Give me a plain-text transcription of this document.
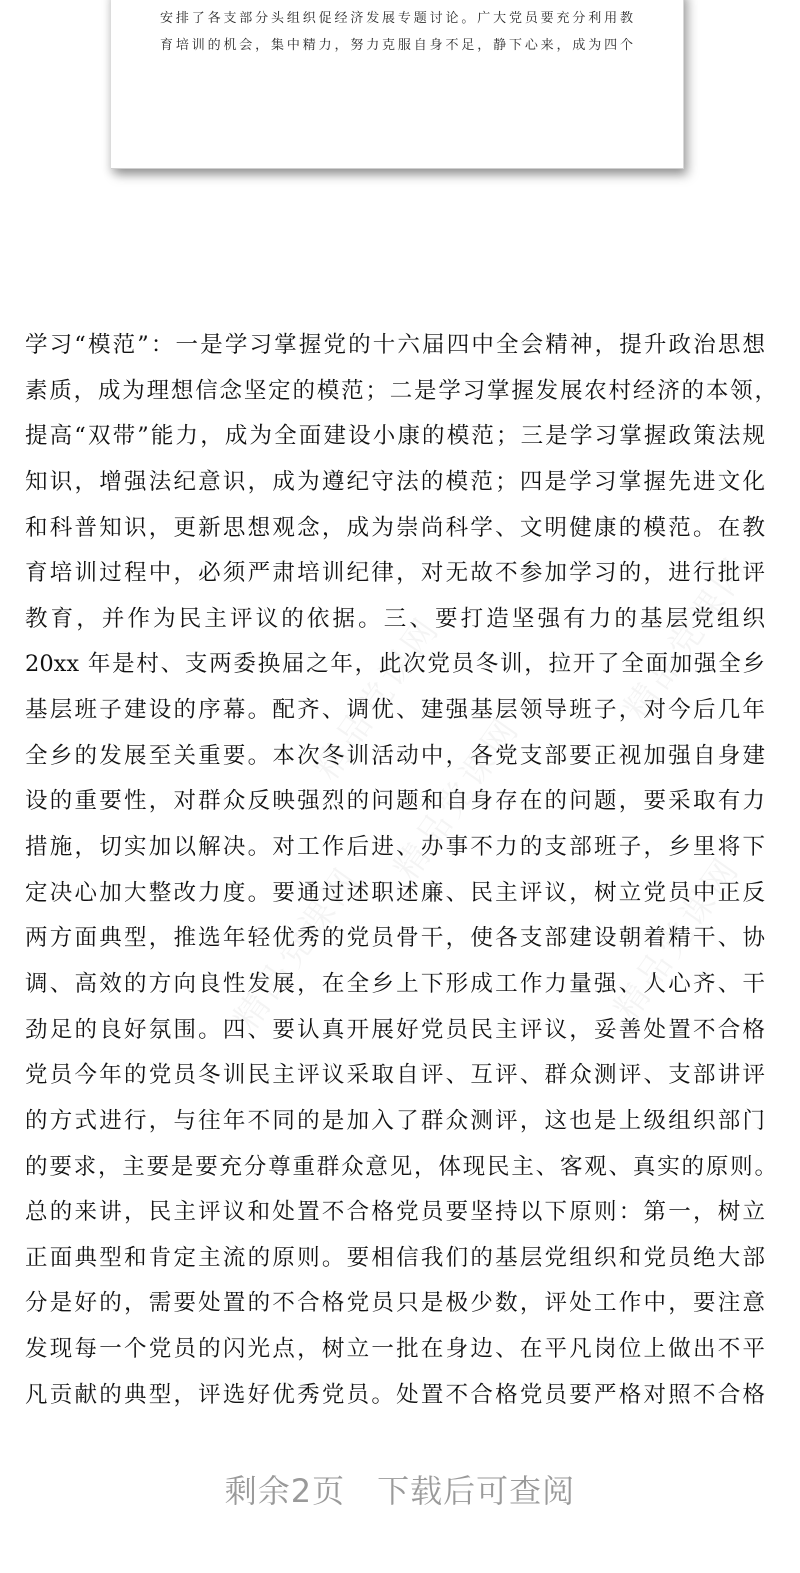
安排了各支部分头组织促经济发展专题讨论。广大党员要充分利用教
育培训的机会，集中精力，努力克服自身不足，静下心来，成为四个
学习“模范”：一是学习掌握党的十六届四中全会精神，提升政治思想
素质，成为理想信念坚定的模范；二是学习掌握发展农村经济的本领，
提高“双带”能力，成为全面建设小康的模范；三是学习掌握政策法规
知识，增强法纪意识，成为遵纪守法的模范；四是学习掌握先进文化
和科普知识，更新思想观念，成为崇尚科学、文明健康的模范。在教
育培训过程中，必须严肃培训纪律，对无故不参加学习的，进行批评
教育，并作为民主评议的依据。三、要打造坚强有力的基层党组织
20xx 年是村、支两委换届之年，此次党员冬训，拉开了全面加强全乡
基层班子建设的序幕。配齐、调优、建强基层领导班子，对今后几年
全乡的发展至关重要。本次冬训活动中，各党支部要正视加强自身建
设的重要性，对群众反映强烈的问题和自身存在的问题，要采取有力
措施，切实加以解决。对工作后进、办事不力的支部班子，乡里将下
定决心加大整改力度。要通过述职述廉、民主评议，树立党员中正反
两方面典型，推选年轻优秀的党员骨干，使各支部建设朝着精干、协
调、高效的方向良性发展，在全乡上下形成工作力量强、人心齐、干
劲足的良好氛围。四、要认真开展好党员民主评议，妥善处置不合格
党员今年的党员冬训民主评议采取自评、互评、群众测评、支部讲评
的方式进行，与往年不同的是加入了群众测评，这也是上级组织部门
的要求，主要是要充分尊重群众意见，体现民主、客观、真实的原则。
总的来讲，民主评议和处置不合格党员要坚持以下原则：第一，树立
正面典型和肯定主流的原则。要相信我们的基层党组织和党员绝大部
分是好的，需要处置的不合格党员只是极少数，评处工作中，要注意
发现每一个党员的闪光点，树立一批在身边、在平凡岗位上做出不平
凡贡献的典型，评选好优秀党员。处置不合格党员要严格对照不合格
剩余2页 下载后可查阅
